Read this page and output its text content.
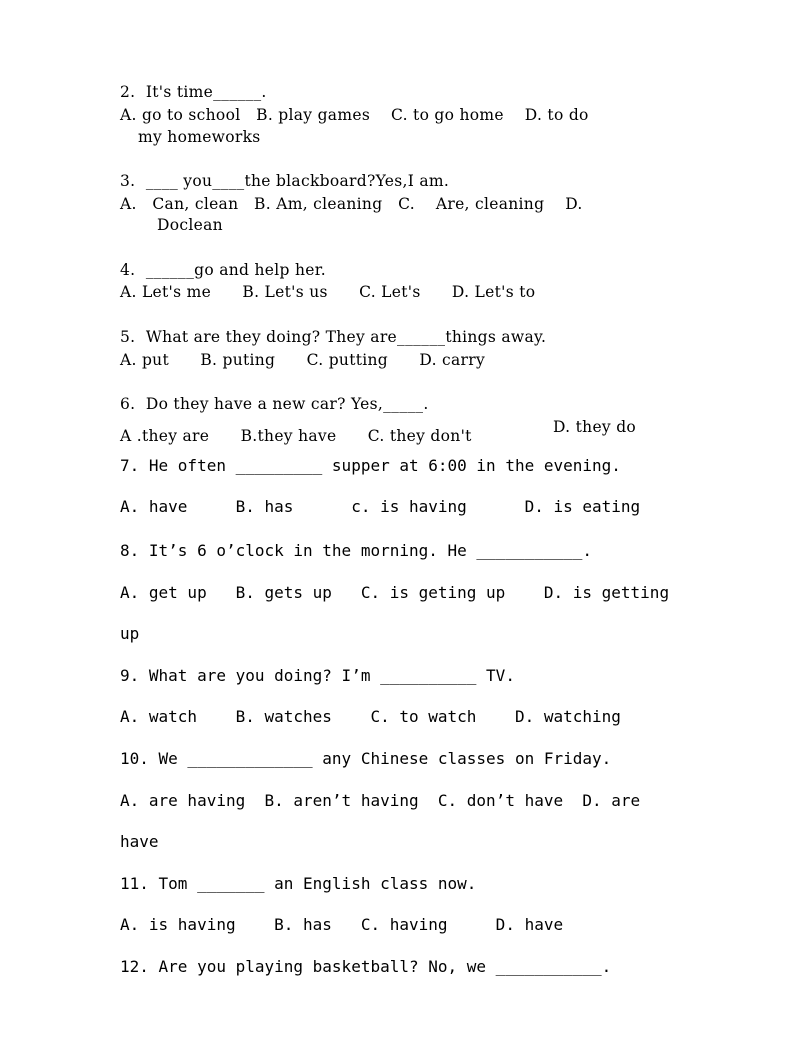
2.  It's time______.
A. go to school   B. play games    C. to go home    D. to do
my homeworks
3.  ____ you____the blackboard?Yes,I am.
A.   Can, clean   B. Am, cleaning   C.    Are, cleaning    D.
Doclean
4.  ______go and help her.
A. Let's me      B. Let's us      C. Let's      D. Let's to
5.  What are they doing? They are______things away.
A. put      B. puting      C. putting      D. carry
6.  Do they have a new car? Yes,_____.
A .they are      B.they have      C. they don't	D. they do
7. He often _________ supper at 6:00 in the evening.
A. have     B. has      c. is having      D. is eating
8. It’s 6 o’clock in the morning. He ___________.
A. get up   B. gets up   C. is geting up    D. is getting
up
9. What are you doing? I’m __________ TV.
A. watch    B. watches    C. to watch    D. watching
10. We _____________ any Chinese classes on Friday.
A. are having  B. aren’t having  C. don’t have  D. are
have
11. Tom _______ an English class now.
A. is having    B. has   C. having     D. have
12. Are you playing basketball? No, we ___________.
